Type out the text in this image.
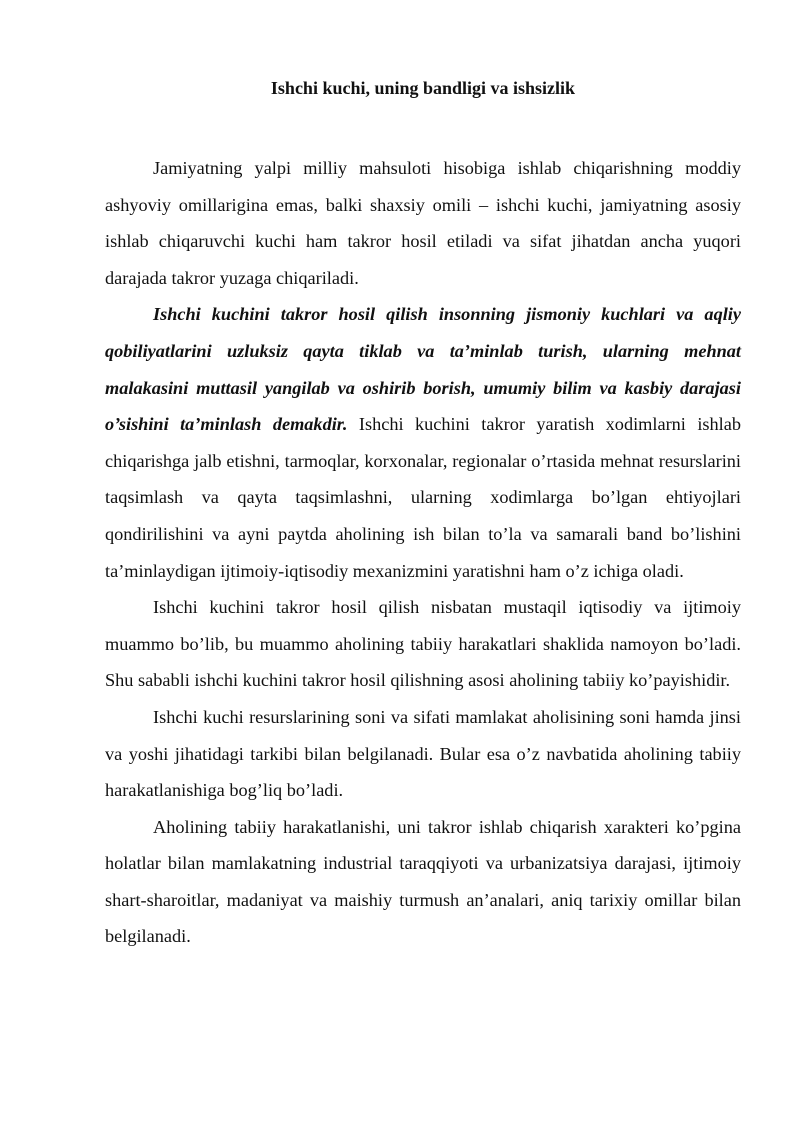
Ishchi kuchi, uning bandligi va ishsizlik

Jamiyatning yalpi milliy mahsuloti hisobiga ishlab chiqarishning moddiy ashyoviy omillarigina emas, balki shaxsiy omili – ishchi kuchi, jamiyatning asosiy ishlab chiqaruvchi kuchi ham takror hosil etiladi va sifat jihatdan ancha yuqori darajada takror yuzaga chiqariladi.

Ishchi kuchini takror hosil qilish insonning jismoniy kuchlari va aqliy qobiliyatlarini uzluksiz qayta tiklab va ta’minlab turish, ularning mehnat malakasini muttasil yangilab va oshirib borish, umumiy bilim va kasbiy darajasi o’sishini ta’minlash demakdir. Ishchi kuchini takror yaratish xodimlarni ishlab chiqarishga jalb etishni, tarmoqlar, korxonalar, regionalar o’rtasida mehnat resurslarini taqsimlash va qayta taqsimlashni, ularning xodimlarga bo’lgan ehtiyojlari qondirilishini va ayni paytda aholining ish bilan to’la va samarali band bo’lishini ta’minlaydigan ijtimoiy-iqtisodiy mexanizmini yaratishni ham o’z ichiga oladi.

Ishchi kuchini takror hosil qilish nisbatan mustaqil iqtisodiy va ijtimoiy muammo bo’lib, bu muammo aholining tabiiy harakatlari shaklida namoyon bo’ladi. Shu sababli ishchi kuchini takror hosil qilishning asosi aholining tabiiy ko’payishidir.

Ishchi kuchi resurslarining soni va sifati mamlakat aholisining soni hamda jinsi va yoshi jihatidagi tarkibi bilan belgilanadi. Bular esa o’z navbatida aholining tabiiy harakatlanishiga bog’liq bo’ladi.

Aholining tabiiy harakatlanishi, uni takror ishlab chiqarish xarakteri ko’pgina holatlar bilan mamlakatning industrial taraqqiyoti va urbanizatsiya darajasi, ijtimoiy shart-sharoitlar, madaniyat va maishiy turmush an’analari, aniq tarixiy omillar bilan belgilanadi.
